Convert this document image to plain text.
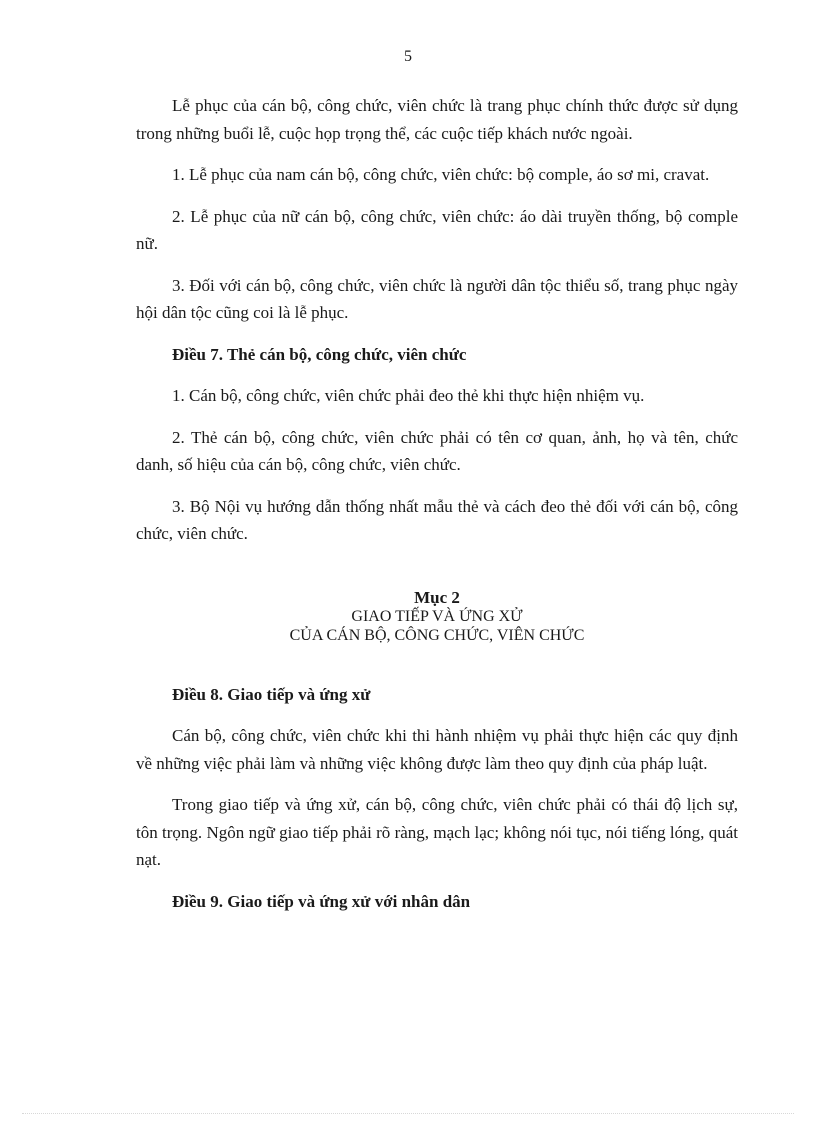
5

Lễ phục của cán bộ, công chức, viên chức là trang phục chính thức được sử dụng trong những buổi lễ, cuộc họp trọng thể, các cuộc tiếp khách nước ngoài.

1. Lễ phục của nam cán bộ, công chức, viên chức: bộ comple, áo sơ mi, cravat.

2. Lễ phục của nữ cán bộ, công chức, viên chức: áo dài truyền thống, bộ comple nữ.

3. Đối với cán bộ, công chức, viên chức là người dân tộc thiểu số, trang phục ngày hội dân tộc cũng coi là lễ phục.

Điều 7. Thẻ cán bộ, công chức, viên chức

1. Cán bộ, công chức, viên chức phải đeo thẻ khi thực hiện nhiệm vụ.

2. Thẻ cán bộ, công chức, viên chức phải có tên cơ quan, ảnh, họ và tên, chức danh, số hiệu của cán bộ, công chức, viên chức.

3. Bộ Nội vụ hướng dẫn thống nhất mẫu thẻ và cách đeo thẻ đối với cán bộ, công chức, viên chức.

Mục 2
GIAO TIẾP VÀ ỨNG XỬ
CỦA CÁN BỘ, CÔNG CHỨC, VIÊN CHỨC

Điều 8. Giao tiếp và ứng xử

Cán bộ, công chức, viên chức khi thi hành nhiệm vụ phải thực hiện các quy định về những việc phải làm và những việc không được làm theo quy định của pháp luật.

Trong giao tiếp và ứng xử, cán bộ, công chức, viên chức phải có thái độ lịch sự, tôn trọng. Ngôn ngữ giao tiếp phải rõ ràng, mạch lạc; không nói tục, nói tiếng lóng, quát nạt.

Điều 9. Giao tiếp và ứng xử với nhân dân
